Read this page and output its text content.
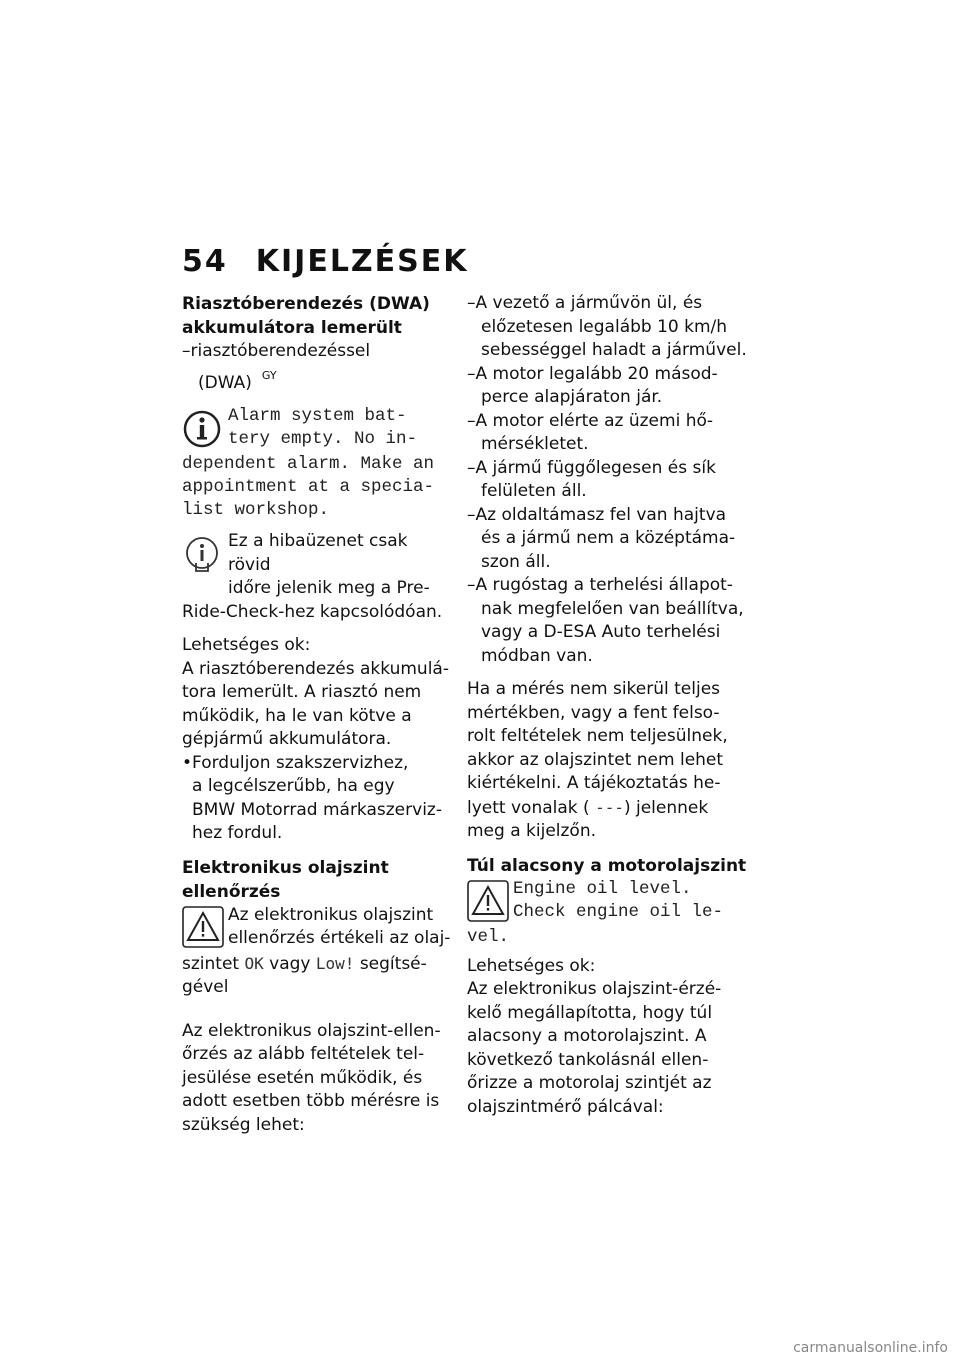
54 KIJELZÉSEK
Riasztóberendezés (DWA)
akkumulátora lemerült

–riasztóberendezéssel

(DWA) $^{GY}$

Alarm system bat-
tery empty. No in-
dependent alarm. Make an
appointment at a specia-
list workshop.

Ez a hibaüzenet csak rövid

időre jelenik meg a Pre-

Ride-Check-hez kapcsolódóan.

Lehetséges ok:

A riasztóberendezés akkumulá-

tora lemerült. A riasztó nem

működik, ha le van kötve a

gépjármű akkumulátora.

•Forduljon szakszervizhez,

a legcélszerűbb, ha egy

BMW Motorrad márkaszerviz-

hez fordul.

Elektronikus olajszint
ellenőrzés

Az elektronikus olajszint

ellenőrzés értékeli az olaj-

szintet OK vagy Low! segítsé-

gével

Az elektronikus olajszint-ellen-

őrzés az alább feltételek tel-

jesülése esetén működik, és

adott esetben több mérésre is

szükség lehet:

–A vezető a járművön ül, és

előzetesen legalább 10 km/h

sebességgel haladt a járművel.

–A motor legalább 20 másod-

perce alapjáraton jár.

–A motor elérte az üzemi hő-

mérsékletet.

–A jármű függőlegesen és sík

felületen áll.

–Az oldaltámasz fel van hajtva

és a jármű nem a középtáma-

szon áll.

–A rugóstag a terhelési állapot-

nak megfelelően van beállítva,

vagy a D-ESA Auto terhelési

módban van.

Ha a mérés nem sikerül teljes

mértékben, vagy a fent felso-

rolt feltételek nem teljesülnek,

akkor az olajszintet nem lehet

kiértékelni. A tájékoztatás he-

lyett vonalak ( ---) jelennek

meg a kijelzőn.

Túl alacsony a motorolajszint
Engine oil level.
Check engine oil le-
vel.

Lehetséges ok:

Az elektronikus olajszint-érzé-

kelő megállapította, hogy túl

alacsony a motorolajszint. A

következő tankolásnál ellen-

őrizze a motorolaj szintjét az

olajszintmérő pálcával:

carmanualsonline.info
